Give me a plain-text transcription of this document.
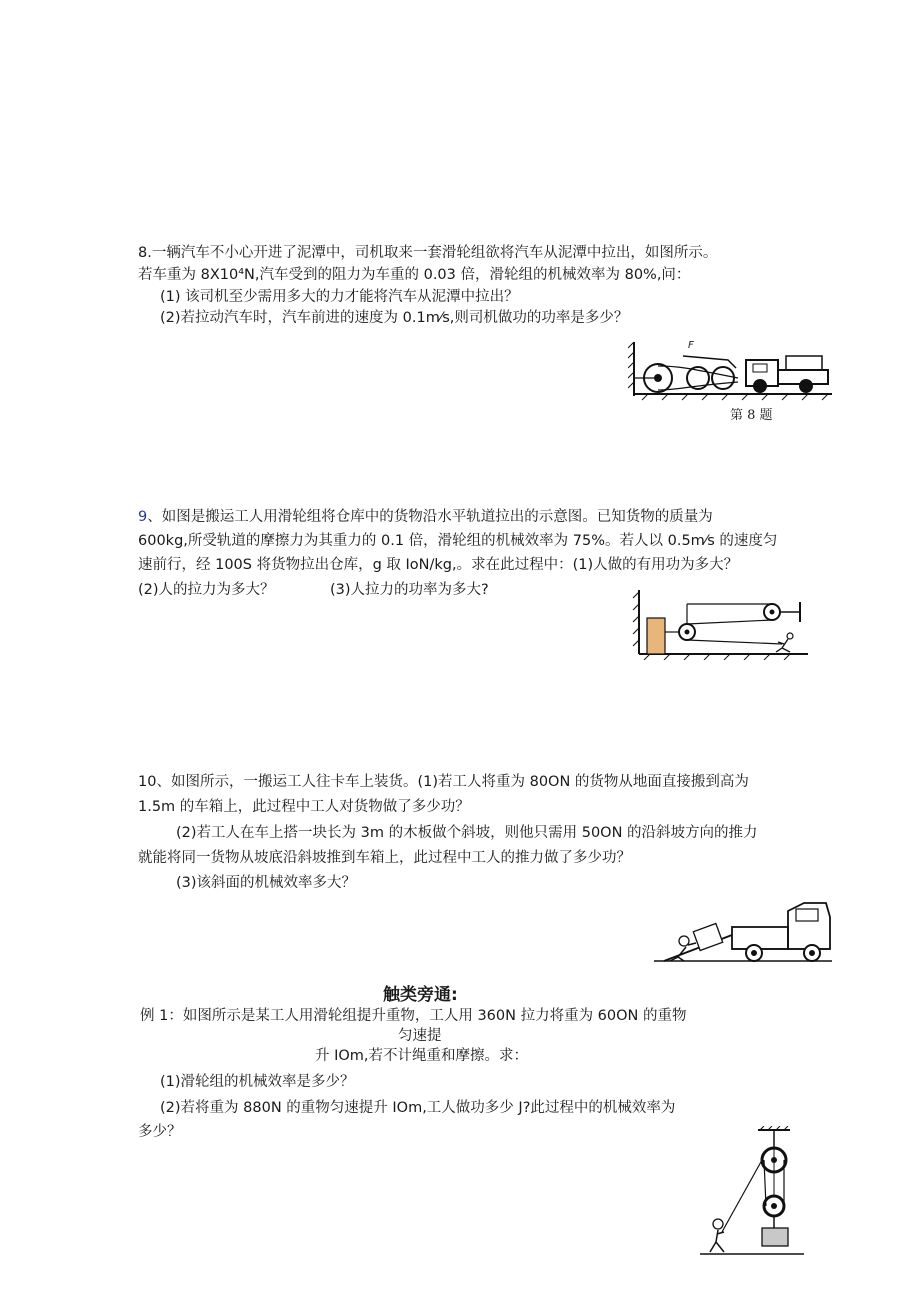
8.一辆汽车不小心开进了泥潭中，司机取来一套滑轮组欲将汽车从泥潭中拉出，如图所示。
若车重为 8X10⁴N,汽车受到的阻力为车重的 0.03 倍，滑轮组的机械效率为 80%,问：
(1) 该司机至少需用多大的力才能将汽车从泥潭中拉出？
(2)若拉动汽车时，汽车前进的速度为 0.1m⁄s,则司机做功的功率是多少？
第 8 题
F
9、如图是搬运工人用滑轮组将仓库中的货物沿水平轨道拉出的示意图。已知货物的质量为
600kg,所受轨道的摩擦力为其重力的 0.1 倍，滑轮组的机械效率为 75%。若人以 0.5m⁄s 的速度匀
速前行，经 100S 将货物拉出仓库，g 取 IoN/kg,。求在此过程中：(1)人做的有用功为多大？
(2)人的拉力为多大？	(3)人拉力的功率为多大?
10、如图所示，一搬运工人往卡车上装货。(1)若工人将重为 80ON 的货物从地面直接搬到高为
1.5m 的车箱上，此过程中工人对货物做了多少功？
(2)若工人在车上搭一块长为 3m 的木板做个斜坡，则他只需用 50ON 的沿斜坡方向的推力
就能将同一货物从坡底沿斜坡推到车箱上，此过程中工人的推力做了多少功？
(3)该斜面的机械效率多大？
触类旁通:
例 1：如图所示是某工人用滑轮组提升重物，工人用 360N 拉力将重为 60ON 的重物
匀速提
升 IOm,若不计绳重和摩擦。求：
(1)滑轮组的机械效率是多少？
(2)若将重为 880N 的重物匀速提升 IOm,工人做功多少 J?此过程中的机械效率为
多少？
